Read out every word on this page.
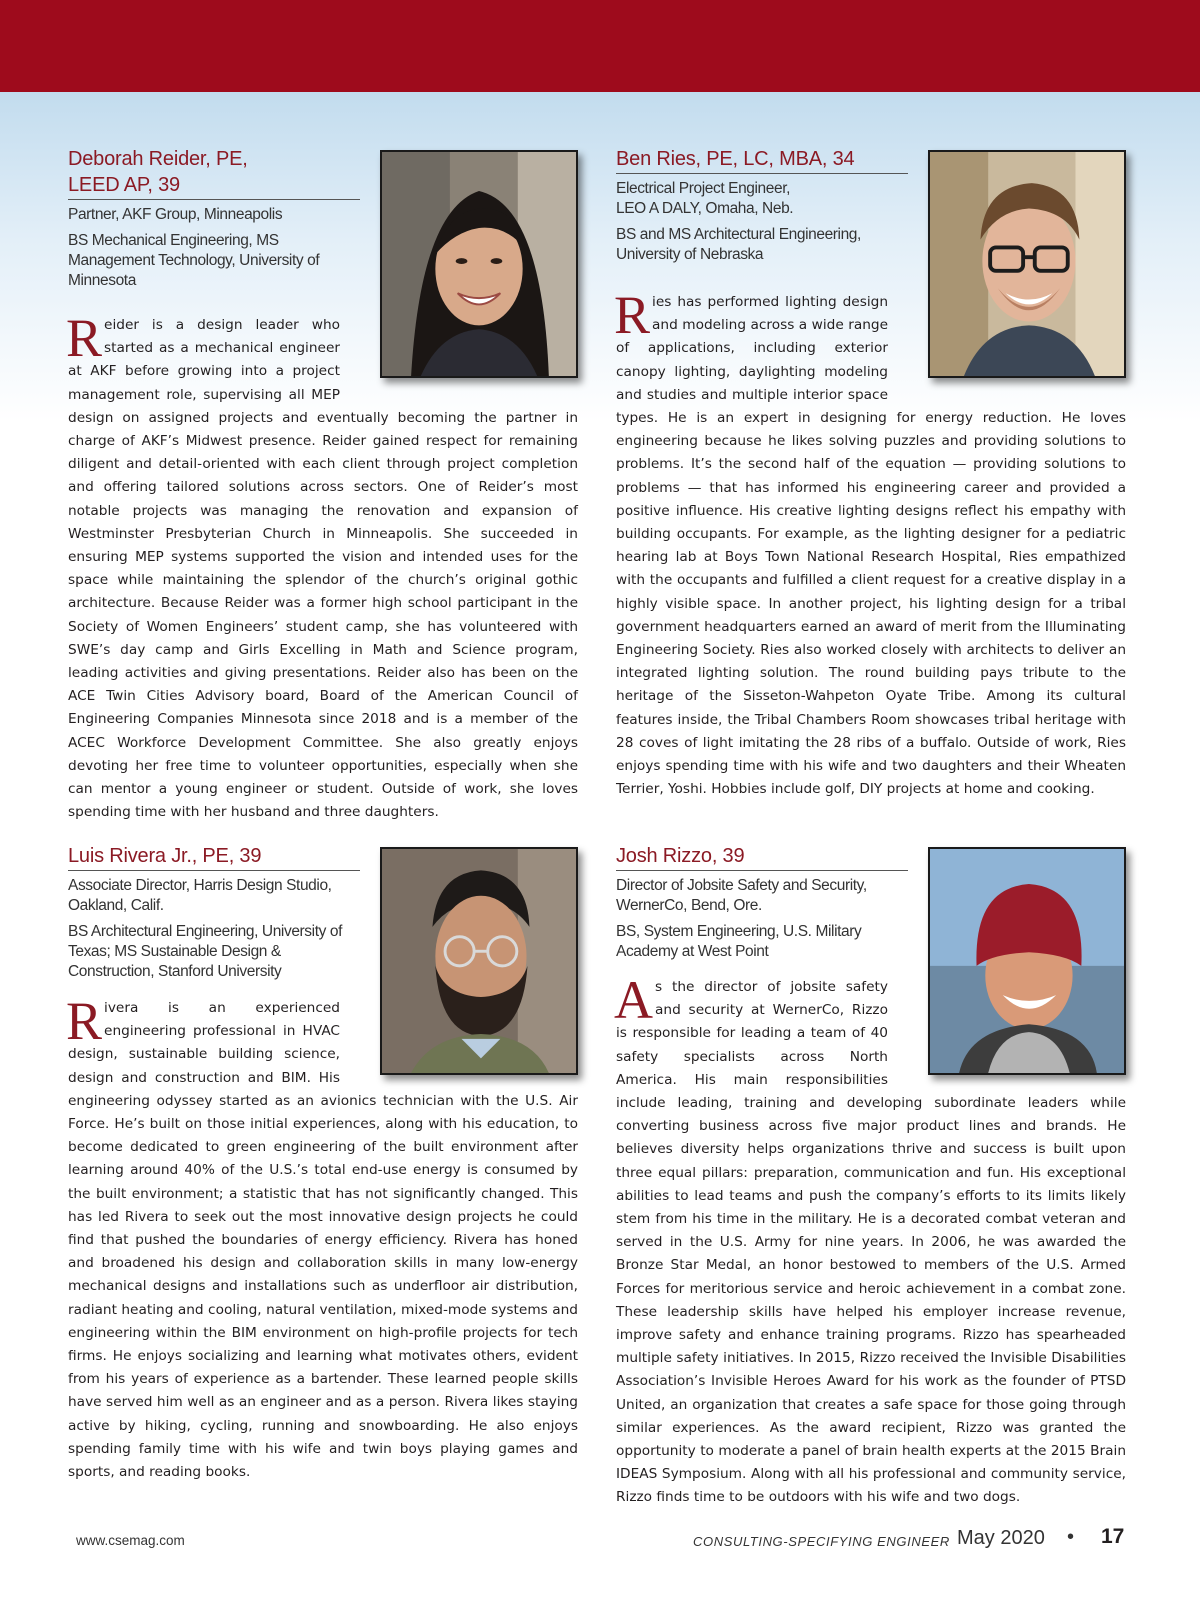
Deborah Reider, PE,
LEED AP, 39

Partner, AKF Group, Minneapolis

BS Mechanical Engineering, MS Management Technology, University of Minnesota

R eider is a design leader who started as a mechanical engineer at AKF before growing into a project management role, supervising all MEP design on assigned projects and eventually becoming the partner in charge of AKF’s Midwest presence. Reider gained respect for remaining diligent and detail-oriented with each client through project completion and offering tailored solutions across sectors. One of Reider’s most notable projects was managing the renovation and expansion of Westminster Presbyterian Church in Minneapolis. She succeeded in ensuring MEP systems supported the vision and intended uses for the space while maintaining the splendor of the church’s original gothic architecture. Because Reider was a former high school participant in the Society of Women Engineers’ student camp, she has volunteered with SWE’s day camp and Girls Excelling in Math and Science program, leading activities and giving presentations. Reider also has been on the ACE Twin Cities Advisory board, Board of the American Council of Engineering Companies Minnesota since 2018 and is a member of the ACEC Workforce Development Committee. She also greatly enjoys devoting her free time to volunteer opportunities, especially when she can mentor a young engineer or student. Outside of work, she loves spending time with her husband and three daughters.
Ben Ries, PE, LC, MBA, 34

Electrical Project Engineer, LEO A DALY, Omaha, Neb.

BS and MS Architectural Engineering, University of Nebraska

R ies has performed lighting design and modeling across a wide range of applications, including exterior canopy lighting, daylighting modeling and studies and multiple interior space types. He is an expert in designing for energy reduction. He loves engineering because he likes solving puzzles and providing solutions to problems. It’s the second half of the equation — providing solutions to problems — that has informed his engineering career and provided a positive influence. His creative lighting designs reflect his empathy with building occupants. For example, as the lighting designer for a pediatric hearing lab at Boys Town National Research Hospital, Ries empathized with the occupants and fulfilled a client request for a creative display in a highly visible space. In another project, his lighting design for a tribal government headquarters earned an award of merit from the Illuminating Engineering Society. Ries also worked closely with architects to deliver an integrated lighting solution. The round building pays tribute to the heritage of the Sisseton-Wahpeton Oyate Tribe. Among its cultural features inside, the Tribal Chambers Room showcases tribal heritage with 28 coves of light imitating the 28 ribs of a buffalo. Outside of work, Ries enjoys spending time with his wife and two daughters and their Wheaten Terrier, Yoshi. Hobbies include golf, DIY projects at home and cooking.
Luis Rivera Jr., PE, 39

Associate Director, Harris Design Studio, Oakland, Calif.

BS Architectural Engineering, University of Texas; MS Sustainable Design & Construction, Stanford University

R ivera is an experienced engineering professional in HVAC design, sustainable building science, design and construction and BIM. His engineering odyssey started as an avionics technician with the U.S. Air Force. He’s built on those initial experiences, along with his education, to become dedicated to green engineering of the built environment after learning around 40% of the U.S.’s total end-use energy is consumed by the built environment; a statistic that has not significantly changed. This has led Rivera to seek out the most innovative design projects he could find that pushed the boundaries of energy efficiency. Rivera has honed and broadened his design and collaboration skills in many low-energy mechanical designs and installations such as underfloor air distribution, radiant heating and cooling, natural ventilation, mixed-mode systems and engineering within the BIM environment on high-profile projects for tech firms. He enjoys socializing and learning what motivates others, evident from his years of experience as a bartender. These learned people skills have served him well as an engineer and as a person. Rivera likes staying active by hiking, cycling, running and snowboarding. He also enjoys spending family time with his wife and twin boys playing games and sports, and reading books.
Josh Rizzo, 39

Director of Jobsite Safety and Security, WernerCo, Bend, Ore.

BS, System Engineering, U.S. Military Academy at West Point

A s the director of jobsite safety and security at WernerCo, Rizzo is responsible for leading a team of 40 safety specialists across North America. His main responsibilities include leading, training and developing subordinate leaders while converting business across five major product lines and brands. He believes diversity helps organizations thrive and success is built upon three equal pillars: preparation, communication and fun. His exceptional abilities to lead teams and push the company’s efforts to its limits likely stem from his time in the military. He is a decorated combat veteran and served in the U.S. Army for nine years. In 2006, he was awarded the Bronze Star Medal, an honor bestowed to members of the U.S. Armed Forces for meritorious service and heroic achievement in a combat zone. These leadership skills have helped his employer increase revenue, improve safety and enhance training programs. Rizzo has spearheaded multiple safety initiatives. In 2015, Rizzo received the Invisible Disabilities Association’s Invisible Heroes Award for his work as the founder of PTSD United, an organization that creates a safe space for those going through similar experiences. As the award recipient, Rizzo was granted the opportunity to moderate a panel of brain health experts at the 2015 Brain IDEAS Symposium. Along with all his professional and community service, Rizzo finds time to be outdoors with his wife and two dogs.
www.csemag.com	CONSULTING-SPECIFYING ENGINEER May 2020 • 17
